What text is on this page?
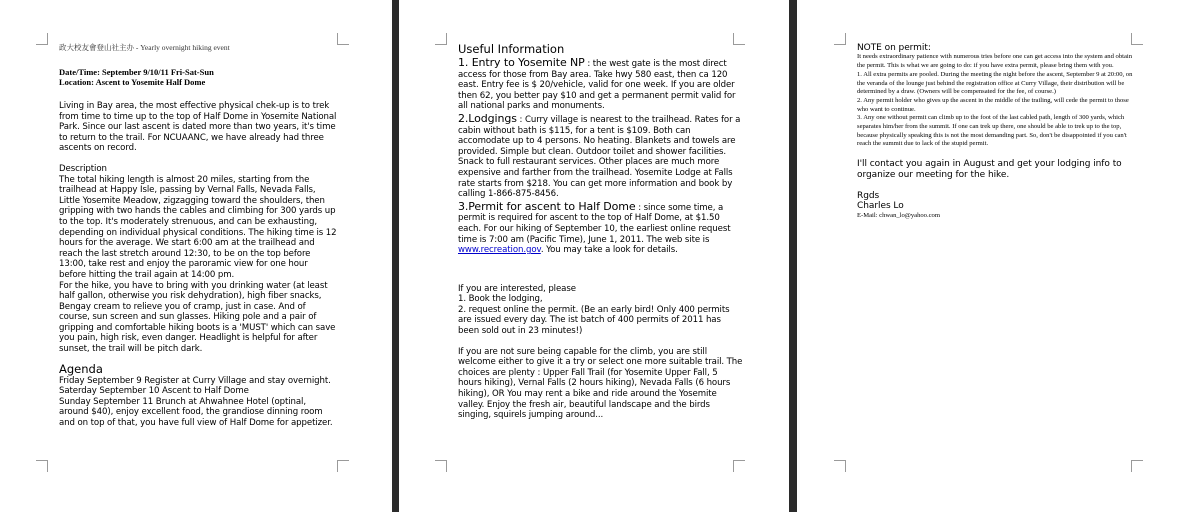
政大校友會登山社主办 - Yearly overnight hiking event

Date/Time: September 9/10/11 Fri-Sat-Sun

Location: Ascent to Yosemite Half Dome

Living in Bay area, the most effective physical chek-up is to trek from time to time up to the top of Half Dome in Yosemite National Park. Since our last ascent is dated more than two years, it's time to return to the trail. For NCUAANC, we have already had three ascents on record.

Description

The total hiking length is almost 20 miles, starting from the trailhead at Happy Isle, passing by Vernal Falls, Nevada Falls, Little Yosemite Meadow, zigzagging toward the shoulders, then gripping with two hands the cables and climbing for 300 yards up to the top. It's moderately strenuous, and can be exhausting, depending on individual physical conditions. The hiking time is 12 hours for the average. We start 6:00 am at the trailhead and reach the last stretch around 12:30, to be on the top before 13:00, take rest and enjoy the paroramic view for one hour before hitting the trail again at 14:00 pm.

For the hike, you have to bring with you drinking water (at least half gallon, otherwise you risk dehydration), high fiber snacks, Bengay cream to relieve you of cramp, just in case. And of course, sun screen and sun glasses. Hiking pole and a pair of gripping and comfortable hiking boots is a 'MUST' which can save you pain, high risk, even danger. Headlight is helpful for after sunset, the trail will be pitch dark.

Agenda

Friday September 9 Register at Curry Village and stay overnight.

Saterday September 10 Ascent to Half Dome

Sunday September 11 Brunch at Ahwahnee Hotel (optinal, around $40), enjoy excellent food, the grandiose dinning room and on top of that, you have full view of Half Dome for appetizer.

Useful Information

1. Entry to Yosemite NP : the west gate is the most direct access for those from Bay area. Take hwy 580 east, then ca 120 east. Entry fee is $ 20/vehicle, valid for one week. If you are older then 62, you better pay $10 and get a permanent permit valid for all national parks and monuments.

2.Lodgings : Curry village is nearest to the trailhead. Rates for a cabin without bath is $115, for a tent is $109. Both can accomodate up to 4 persons. No heating. Blankets and towels are provided. Simple but clean. Outdoor toilet and shower facilities. Snack to full restaurant services. Other places are much more expensive and farther from the trailhead. Yosemite Lodge at Falls rate starts from $218. You can get more information and book by calling 1-866-875-8456.

3.Permit for ascent to Half Dome : since some time, a permit is required for ascent to the top of Half Dome, at $1.50 each. For our hiking of September 10, the earliest online request time is 7:00 am (Pacific Time), June 1, 2011. The web site is www.recreation.gov. You may take a look for details.

If you are interested, please

1. Book the lodging,

2. request online the permit. (Be an early bird! Only 400 permits are issued every day. The ist batch of 400 permits of 2011 has been sold out in 23 minutes!)

If you are not sure being capable for the climb, you are still welcome either to give it a try or select one more suitable trail. The choices are plenty : Upper Fall Trail (for Yosemite Upper Fall, 5 hours hiking), Vernal Falls (2 hours hiking), Nevada Falls (6 hours hiking), OR You may rent a bike and ride around the Yosemite valley. Enjoy the fresh air, beautiful landscape and the birds singing, squirels jumping around...

NOTE on permit:

It needs extraordinary patience with numerous tries before one can get access into the system and obtain the permit. This is what we are going to do: if you have extra permit, please bring them with you.

1. All extra permits are pooled. During the meeting the night before the ascent, September 9 at 20:00, on the veranda of the lounge just behind the registration office at Curry Village, their distribution will be determined by a draw. (Owners will be compensated for the fee, of course.)

2. Any permit holder who gives up the ascent in the middle of the trailing, will cede the permit to those who want to continue.

3. Any one without permit can climb up to the foot of the last cabled path, length of 300 yards, which separates him/her from the summit. If one can trek up there, one should be able to trek up to the top, because physically speaking this is not the most demanding part. So, don't be disappointed if you can't reach the summit due to lack of the stupid permit.

I'll contact you again in August and get your lodging info to organize our meeting for the hike.

Rgds

Charles Lo

E-Mail: chwan_lo@yahoo.com
